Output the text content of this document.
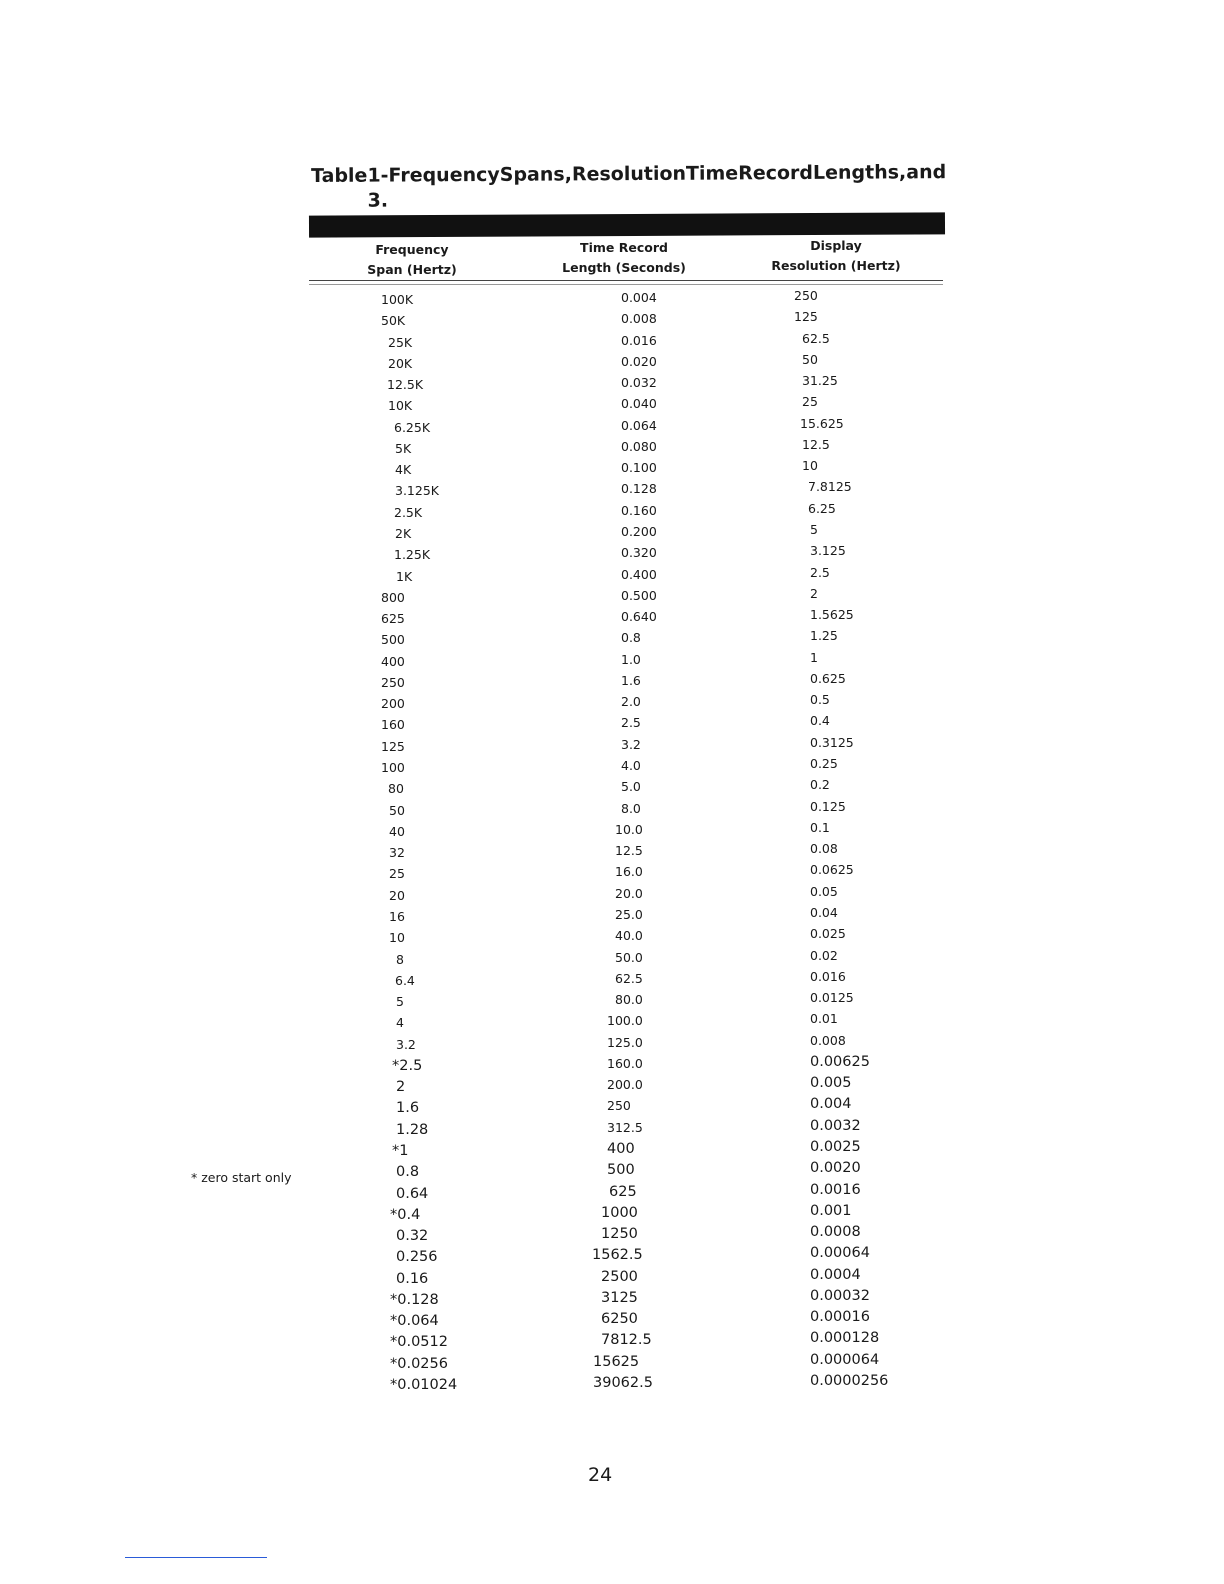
Table 1-3.
Frequency Spans, Resolution Time Record Lengths, and
Frequency
Span (Hertz)
Time Record
Length (Seconds)
Display
Resolution (Hertz)
100K	0.004	250
50K	0.008	125
25K	0.016	62.5
20K	0.020	50
12.5K	0.032	31.25
10K	0.040	25
6.25K	0.064	15.625
5K	0.080	12.5
4K	0.100	10
3.125K	0.128	7.8125
2.5K	0.160	6.25
2K	0.200	5
1.25K	0.320	3.125
1K	0.400	2.5
800	0.500	2
625	0.640	1.5625
500	0.8	1.25
400	1.0	1
250	1.6	0.625
200	2.0	0.5
160	2.5	0.4
125	3.2	0.3125
100	4.0	0.25
80	5.0	0.2
50	8.0	0.125
40	10.0	0.1
32	12.5	0.08
25	16.0	0.0625
20	20.0	0.05
16	25.0	0.04
10	40.0	0.025
8	50.0	0.02
6.4	62.5	0.016
5	80.0	0.0125
4	100.0	0.01
3.2	125.0	0.008
*2.5	160.0	0.00625
2	200.0	0.005
1.6	250	0.004
1.28	312.5	0.0032
*1	400	0.0025
0.8	500	0.0020
0.64	625	0.0016
*0.4	1000	0.001
0.32	1250	0.0008
0.256	1562.5	0.00064
0.16	2500	0.0004
*0.128	3125	0.00032
*0.064	6250	0.00016
*0.0512	7812.5	0.000128
*0.0256	15625	0.000064
*0.01024	39062.5	0.0000256
* zero start only
24
